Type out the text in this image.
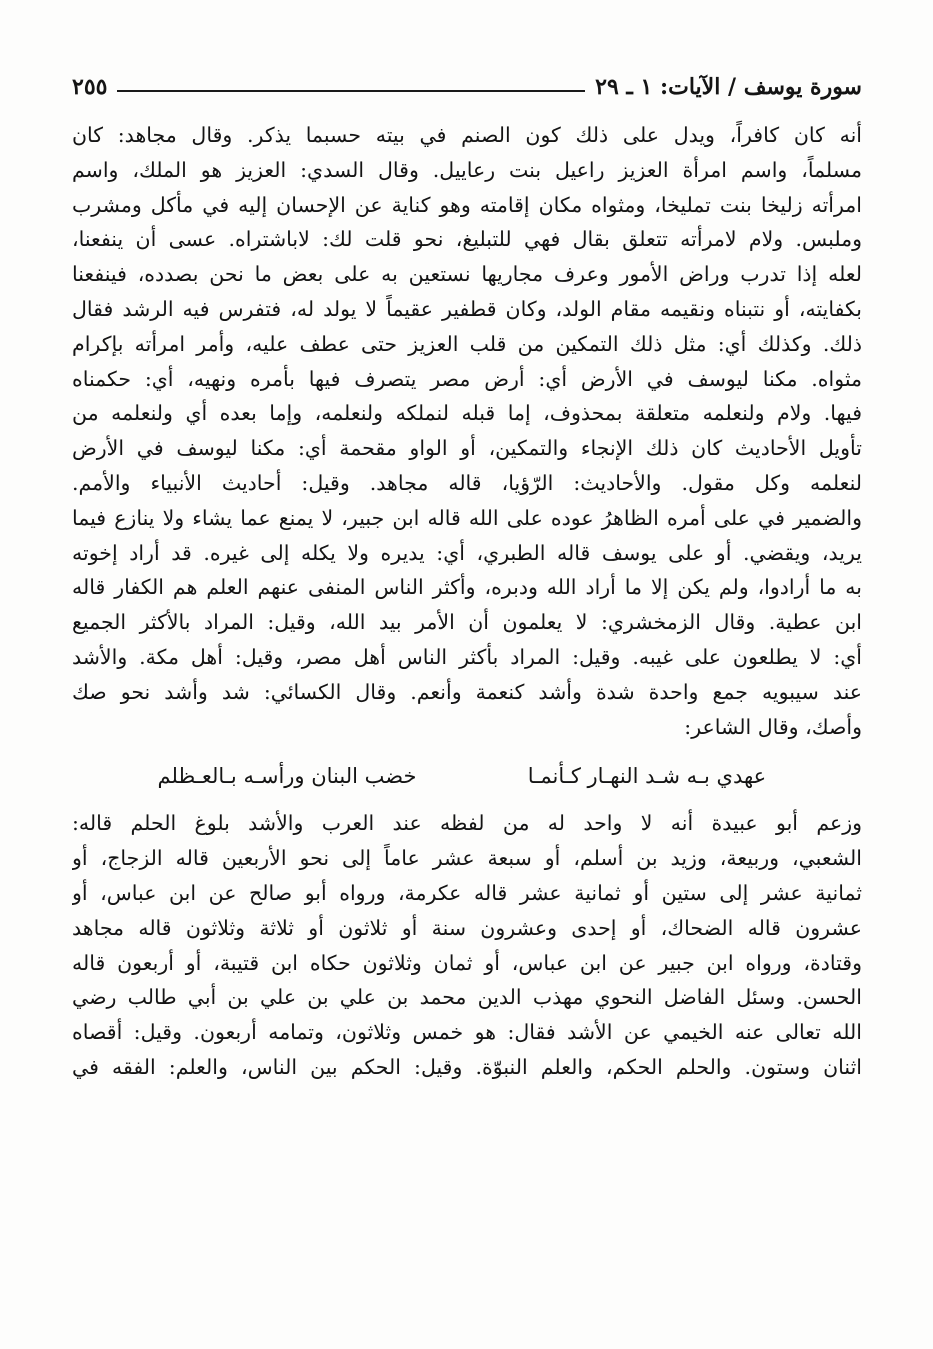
سورة يوسف / الآيات: ١ ـ ٢٩
٢٥٥
أنه كان كافراً، ويدل على ذلك كون الصنم في بيته حسبما يذكر. وقال مجاهد: كان
مسلماً، واسم امرأة العزيز راعيل بنت رعاييل. وقال السدي: العزيز هو الملك، واسم
امرأته زليخا بنت تمليخا، ومثواه مكان إقامته وهو كناية عن الإحسان إليه في مأكل ومشرب
وملبس. ولام لامرأته تتعلق بقال فهي للتبليغ، نحو قلت لك: لاباشتراه. عسى أن ينفعنا،
لعله إذا تدرب وراض الأمور وعرف مجاريها نستعين به على بعض ما نحن بصدده، فينفعنا
بكفايته، أو نتبناه ونقيمه مقام الولد، وكان قطفير عقيماً لا يولد له، فتفرس فيه الرشد فقال
ذلك. وكذلك أي: مثل ذلك التمكين من قلب العزيز حتى عطف عليه، وأمر امرأته بإكرام
مثواه. مكنا ليوسف في الأرض أي: أرض مصر يتصرف فيها بأمره ونهيه، أي: حكمناه
فيها. ولام ولنعلمه متعلقة بمحذوف، إما قبله لنملكه ولنعلمه، وإما بعده أي ولنعلمه من
تأويل الأحاديث كان ذلك الإنجاء والتمكين، أو الواو مقحمة أي: مكنا ليوسف في الأرض
لنعلمه وكل مقول. والأحاديث: الرّؤيا، قاله مجاهد. وقيل: أحاديث الأنبياء والأمم.
والضمير في على أمره الظاهرُ عوده على الله قاله ابن جبير، لا يمنع عما يشاء ولا ينازع فيما
يريد، ويقضي. أو على يوسف قاله الطبري، أي: يديره ولا يكله إلى غيره. قد أراد إخوته
به ما أرادوا، ولم يكن إلا ما أراد الله ودبره، وأكثر الناس المنفى عنهم العلم هم الكفار قاله
ابن عطية. وقال الزمخشري: لا يعلمون أن الأمر بيد الله، وقيل: المراد بالأكثر الجميع
أي: لا يطلعون على غيبه. وقيل: المراد بأكثر الناس أهل مصر، وقيل: أهل مكة. والأشد
عند سيبويه جمع واحدة شدة وأشد كنعمة وأنعم. وقال الكسائي: شد وأشد نحو صك
وأصك، وقال الشاعر:
عهدي بـه شـد النهـار كـأنمـا
خضب البنان ورأسـه بـالعـظلم
وزعم أبو عبيدة أنه لا واحد له من لفظه عند العرب والأشد بلوغ الحلم قاله:
الشعبي، وربيعة، وزيد بن أسلم، أو سبعة عشر عاماً إلى نحو الأربعين قاله الزجاج، أو
ثمانية عشر إلى ستين أو ثمانية عشر قاله عكرمة، ورواه أبو صالح عن ابن عباس، أو
عشرون قاله الضحاك، أو إحدى وعشرون سنة أو ثلاثون أو ثلاثة وثلاثون قاله مجاهد
وقتادة، ورواه ابن جبير عن ابن عباس، أو ثمان وثلاثون حكاه ابن قتيبة، أو أربعون قاله
الحسن. وسئل الفاضل النحوي مهذب الدين محمد بن علي بن علي بن أبي طالب رضي
الله تعالى عنه الخيمي عن الأشد فقال: هو خمس وثلاثون، وتمامه أربعون. وقيل: أقصاه
اثنان وستون. والحلم الحكم، والعلم النبوّة. وقيل: الحكم بين الناس، والعلم: الفقه في
